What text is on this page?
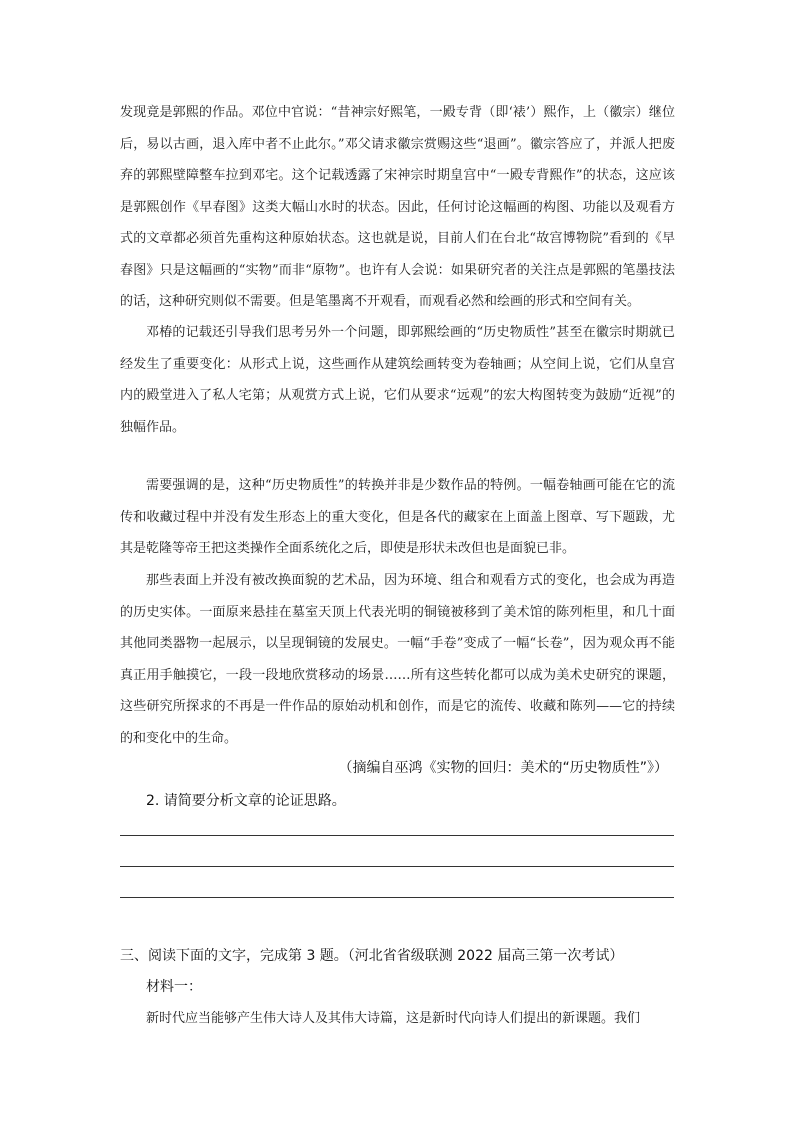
发现竟是郭熙的作品。邓位中官说：“昔神宗好熙笔，一殿专背（即‘裱’）熙作，上（徽宗）继位后，易以古画，退入库中者不止此尔。”邓父请求徽宗赏赐这些“退画”。徽宗答应了，并派人把废弃的郭熙壁障整车拉到邓宅。这个记载透露了宋神宗时期皇宫中“一殿专背熙作”的状态，这应该是郭熙创作《早春图》这类大幅山水时的状态。因此，任何讨论这幅画的构图、功能以及观看方式的文章都必须首先重构这种原始状态。这也就是说，目前人们在台北“故宫博物院”看到的《早春图》只是这幅画的“实物”而非“原物”。也许有人会说：如果研究者的关注点是郭熙的笔墨技法的话，这种研究则似不需要。但是笔墨离不开观看，而观看必然和绘画的形式和空间有关。

邓椿的记载还引导我们思考另外一个问题，即郭熙绘画的“历史物质性”甚至在徽宗时期就已经发生了重要变化：从形式上说，这些画作从建筑绘画转变为卷轴画；从空间上说，它们从皇宫内的殿堂进入了私人宅第；从观赏方式上说，它们从要求“远观”的宏大构图转变为鼓励“近视”的独幅作品。

需要强调的是，这种“历史物质性”的转换并非是少数作品的特例。一幅卷轴画可能在它的流传和收藏过程中并没有发生形态上的重大变化，但是各代的藏家在上面盖上图章、写下题跋，尤其是乾隆等帝王把这类操作全面系统化之后，即使是形状未改但也是面貌已非。

那些表面上并没有被改换面貌的艺术品，因为环境、组合和观看方式的变化，也会成为再造的历史实体。一面原来悬挂在墓室天顶上代表光明的铜镜被移到了美术馆的陈列柜里，和几十面其他同类器物一起展示，以呈现铜镜的发展史。一幅“手卷”变成了一幅“长卷”，因为观众再不能真正用手触摸它，一段一段地欣赏移动的场景……所有这些转化都可以成为美术史研究的课题，这些研究所探求的不再是一件作品的原始动机和创作，而是它的流传、收藏和陈列——它的持续的和变化中的生命。

（摘编自巫鸿《实物的回归：美术的“历史物质性”》）
2. 请简要分析文章的论证思路。
三、阅读下面的文字，完成第 3 题。（河北省省级联测 2022 届高三第一次考试）
材料一：

新时代应当能够产生伟大诗人及其伟大诗篇，这是新时代向诗人们提出的新课题。我们
